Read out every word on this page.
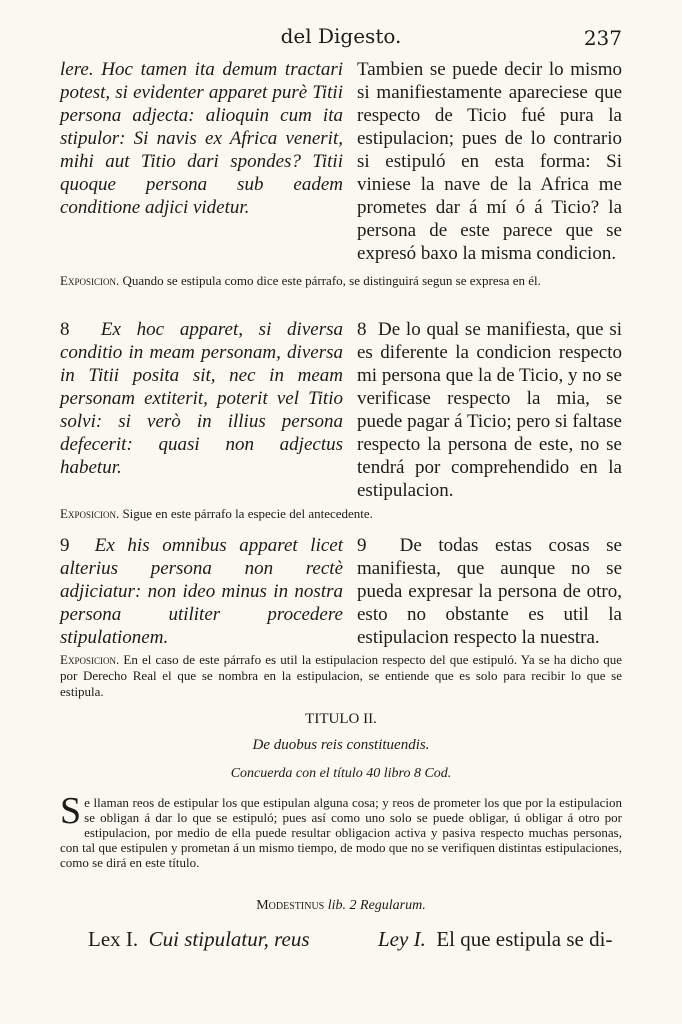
del Digesto.	237
lere. Hoc tamen ita demum tractari potest, si evidenter apparet purè Titii persona adjecta: alioquin cum ita stipulor: Si navis ex Africa venerit, mihi aut Titio dari spondes? Titii quoque persona sub eadem conditione adjici videtur.
Tambien se puede decir lo mismo si manifiestamente apareciese que respecto de Ticio fué pura la estipulacion; pues de lo contrario si estipuló en esta forma: Si viniese la nave de la Africa me prometes dar á mí ó á Ticio? la persona de este parece que se expresó baxo la misma condicion.
Exposicion. Quando se estipula como dice este párrafo, se distinguirá segun se expresa en él.
8 Ex hoc apparet, si diversa conditio in meam personam, diversa in Titii posita sit, nec in meam personam extiterit, poterit vel Titio solvi: si verò in illius persona defecerit: quasi non adjectus habetur.
8 De lo qual se manifiesta, que si es diferente la condicion respecto mi persona que la de Ticio, y no se verificase respecto la mia, se puede pagar á Ticio; pero si faltase respecto la persona de este, no se tendrá por comprehendido en la estipulacion.
Exposicion. Sigue en este párrafo la especie del antecedente.
9 Ex his omnibus apparet licet alterius persona non rectè adjiciatur: non ideo minus in nostra persona utiliter procedere stipulationem.
9 De todas estas cosas se manifiesta, que aunque no se pueda expresar la persona de otro, esto no obstante es util la estipulacion respecto la nuestra.
Exposicion. En el caso de este párrafo es util la estipulacion respecto del que estipuló. Ya se ha dicho que por Derecho Real el que se nombra en la estipulacion, se entiende que es solo para recibir lo que se estipula.
TITULO II.
De duobus reis constituendis.
Concuerda con el título 40 libro 8 Cod.
S e llaman reos de estipular los que estipulan alguna cosa; y reos de prometer los que por la estipulacion se obligan á dar lo que se estipuló; pues así como uno solo se puede obligar, ú obligar á otro por estipulacion, por medio de ella puede resultar obligacion activa y pasiva respecto muchas personas, con tal que estipulen y prometan á un mismo tiempo, de modo que no se verifiquen distintas estipulaciones, como se dirá en este título.
Modestinus lib. 2 Regularum.
Lex I. Cui stipulatur, reus	Ley I. El que estipula se di-
